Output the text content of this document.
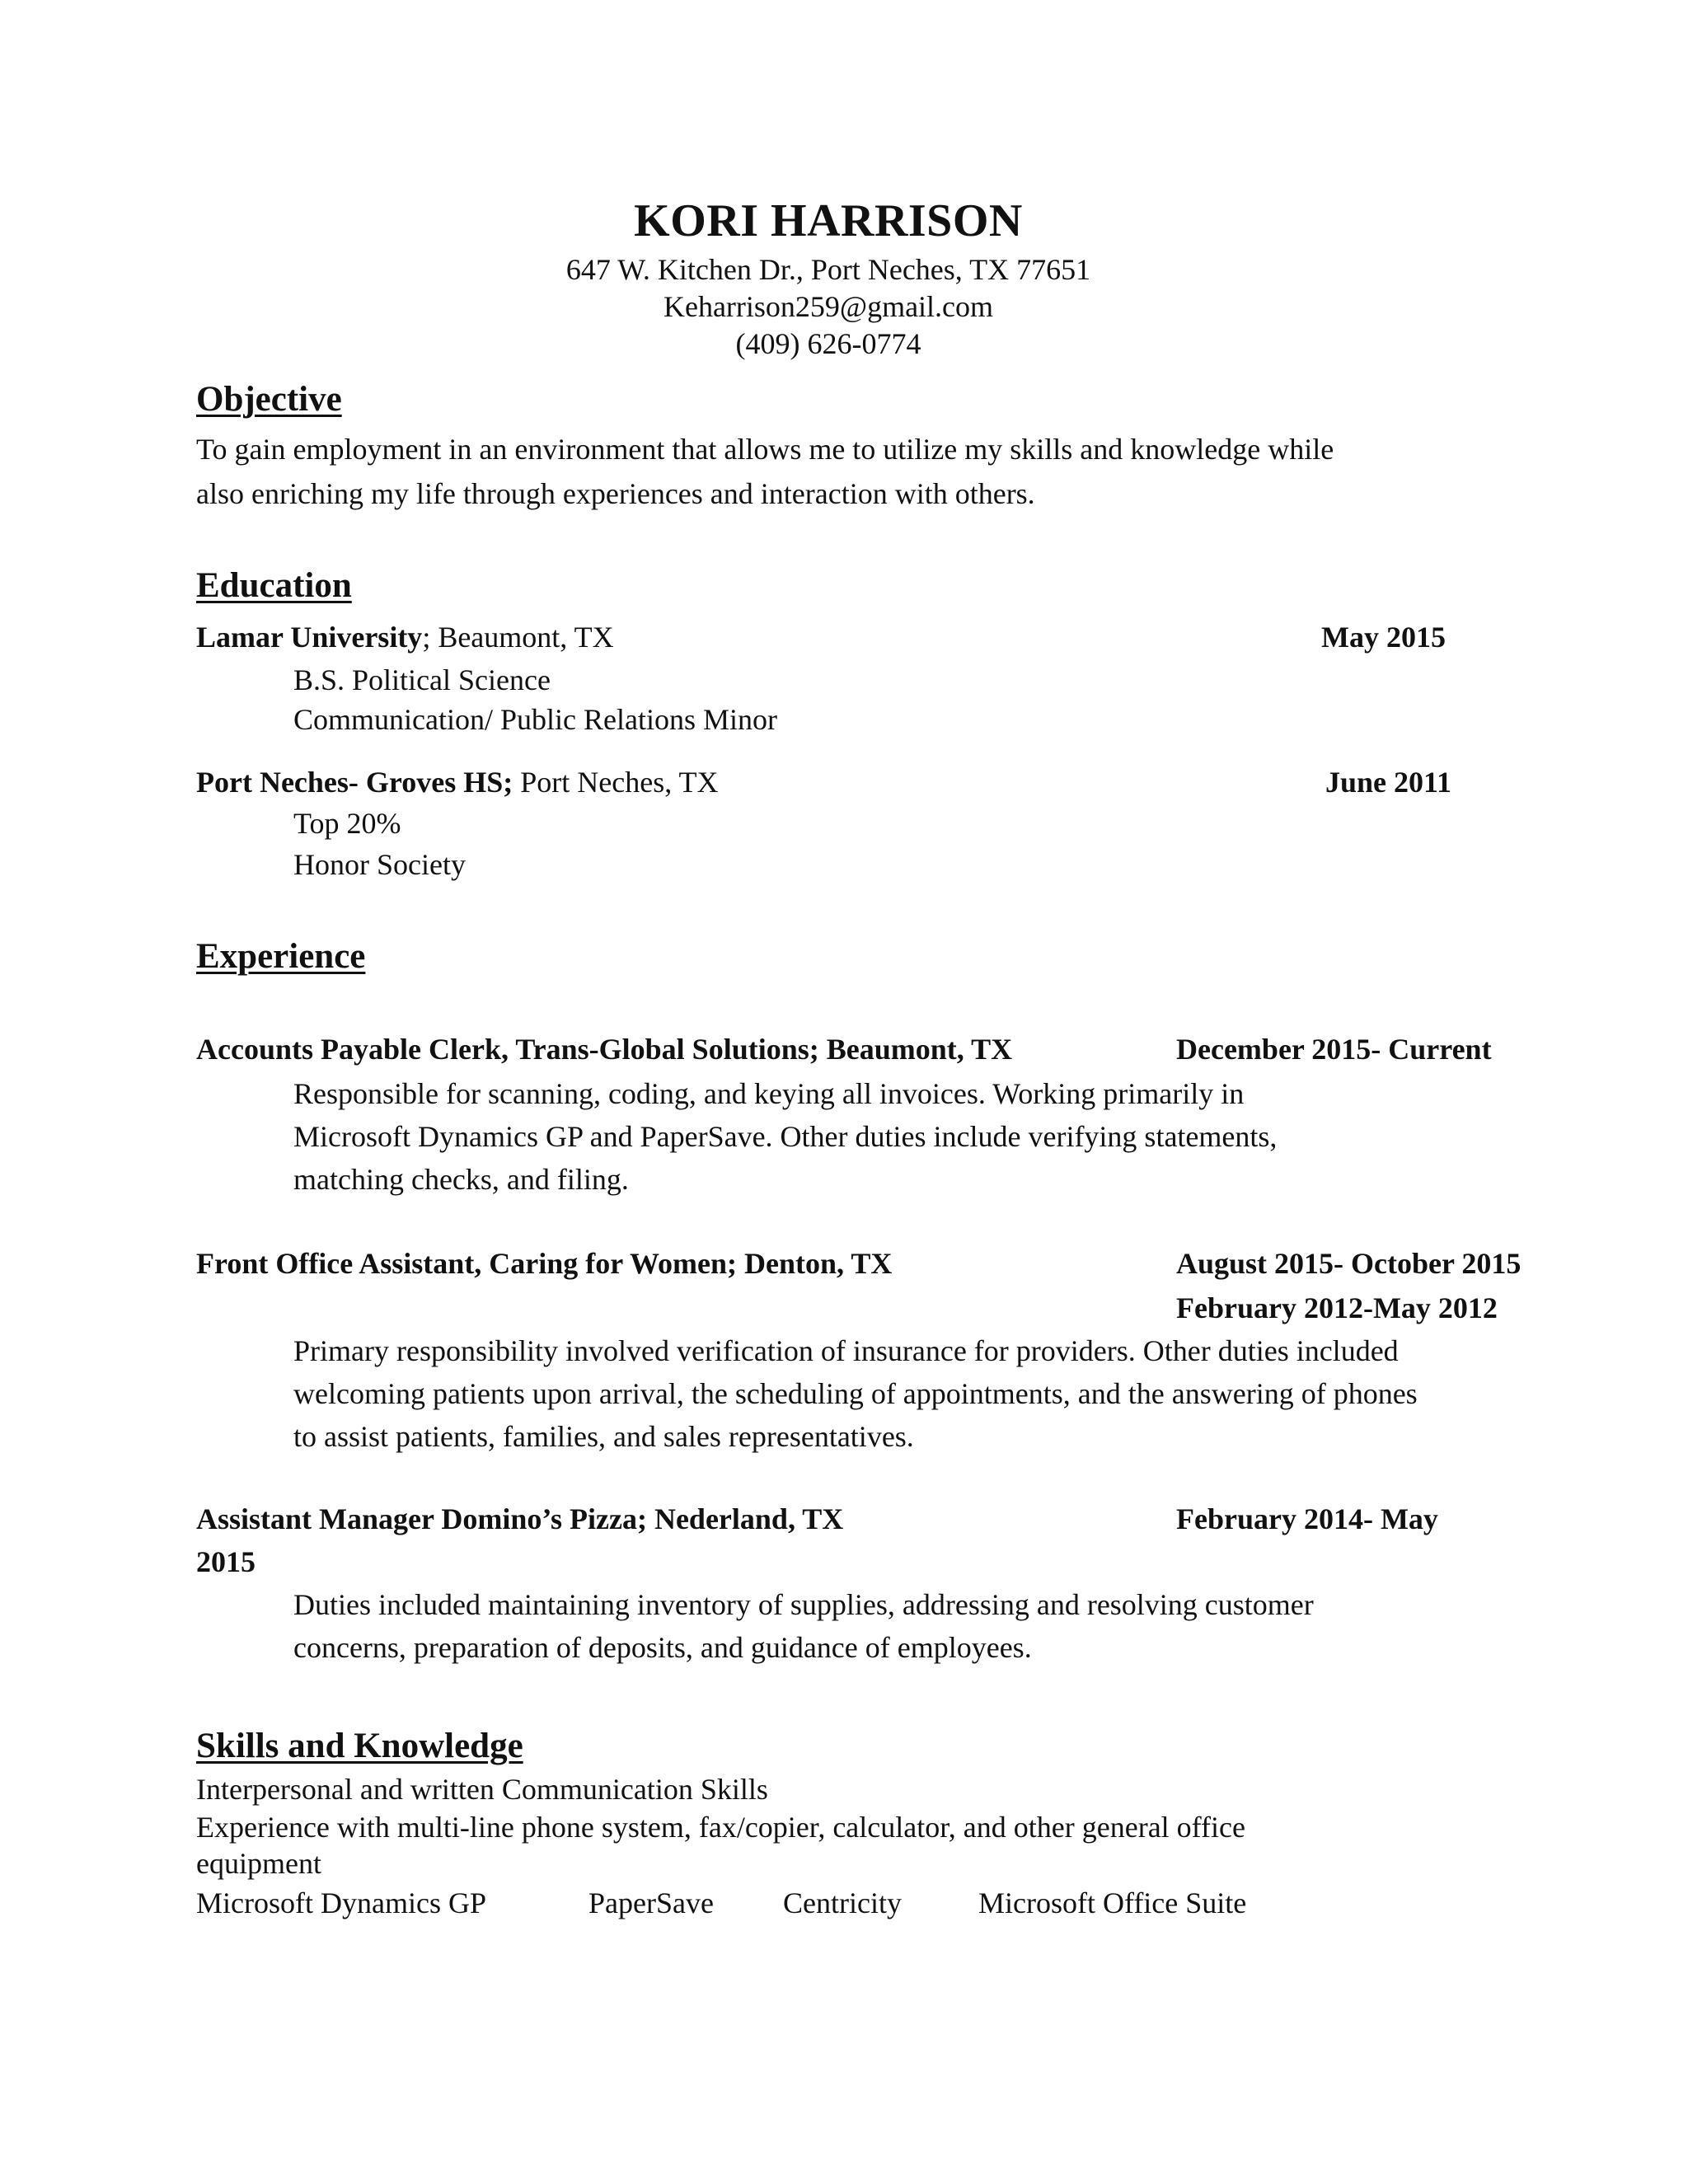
KORI HARRISON
647 W. Kitchen Dr., Port Neches, TX 77651
Keharrison259@gmail.com
(409) 626-0774
Objective
To gain employment in an environment that allows me to utilize my skills and knowledge while
also enriching my life through experiences and interaction with others.
Education
Lamar University; Beaumont, TX	May 2015
B.S. Political Science
Communication/ Public Relations Minor
Port Neches- Groves HS; Port Neches, TX	June 2011
Top 20%
Honor Society
Experience
Accounts Payable Clerk, Trans-Global Solutions; Beaumont, TX	December 2015- Current
Responsible for scanning, coding, and keying all invoices. Working primarily in
Microsoft Dynamics GP and PaperSave. Other duties include verifying statements,
matching checks, and filing.
Front Office Assistant, Caring for Women; Denton, TX	August 2015- October 2015
February 2012-May 2012
Primary responsibility involved verification of insurance for providers. Other duties included
welcoming patients upon arrival, the scheduling of appointments, and the answering of phones
to assist patients, families, and sales representatives.
Assistant Manager Domino’s Pizza; Nederland, TX	February 2014- May
2015
Duties included maintaining inventory of supplies, addressing and resolving customer
concerns, preparation of deposits, and guidance of employees.
Skills and Knowledge
Interpersonal and written Communication Skills
Experience with multi-line phone system, fax/copier, calculator, and other general office
equipment
Microsoft Dynamics GP	PaperSave Centricity	Microsoft Office Suite
